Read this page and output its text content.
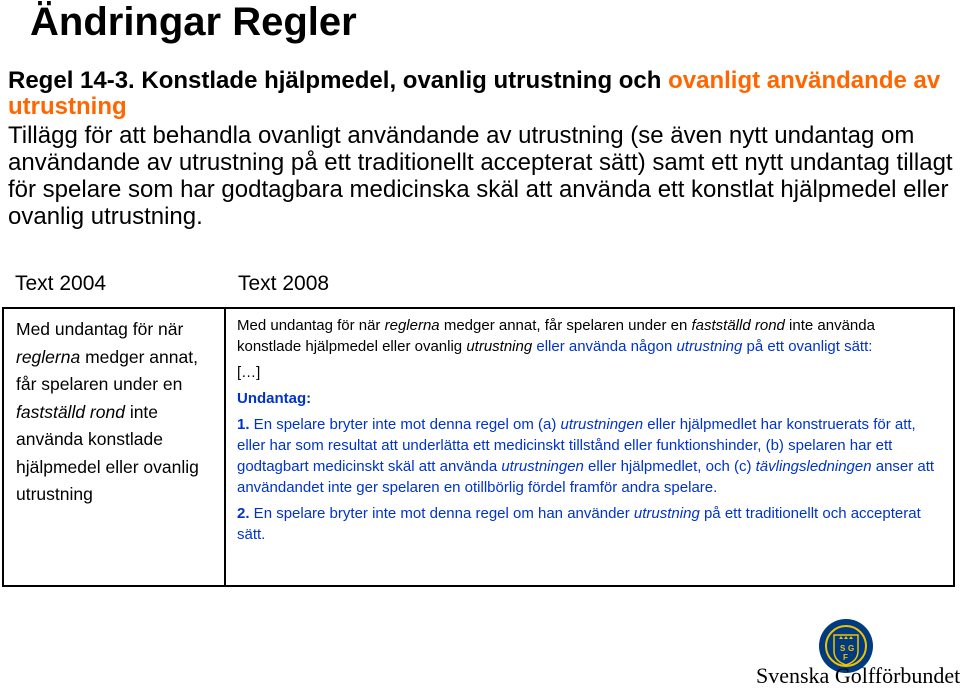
Ändringar Regler
Regel 14-3. Konstlade hjälpmedel, ovanlig utrustning och ovanligt användande av utrustning
Tillägg för att behandla ovanligt användande av utrustning (se även nytt undantag om användande av utrustning på ett traditionellt accepterat sätt) samt ett nytt undantag tillagt för spelare som har godtagbara medicinska skäl att använda ett konstlat hjälpmedel eller ovanlig utrustning.
Text 2004	Text 2008
Med undantag för när reglerna medger annat, får spelaren under en fastställd rond inte använda konstlade hjälpmedel eller ovanlig utrustning

Med undantag för när reglerna medger annat, får spelaren under en fastställd rond inte använda konstlade hjälpmedel eller ovanlig utrustning eller använda någon utrustning på ett ovanligt sätt:

[…]

Undantag:

1. En spelare bryter inte mot denna regel om (a) utrustningen eller hjälpmedlet har konstruerats för att, eller har som resultat att underlätta ett medicinskt tillstånd eller funktionshinder, (b) spelaren har ett godtagbart medicinskt skäl att använda utrustningen eller hjälpmedlet, och (c) tävlingsledningen anser att användandet inte ger spelaren en otillbörlig fördel framför andra spelare.

2. En spelare bryter inte mot denna regel om han använder utrustning på ett traditionellt och accepterat sätt.

S G
F
Svenska Golfförbundet
